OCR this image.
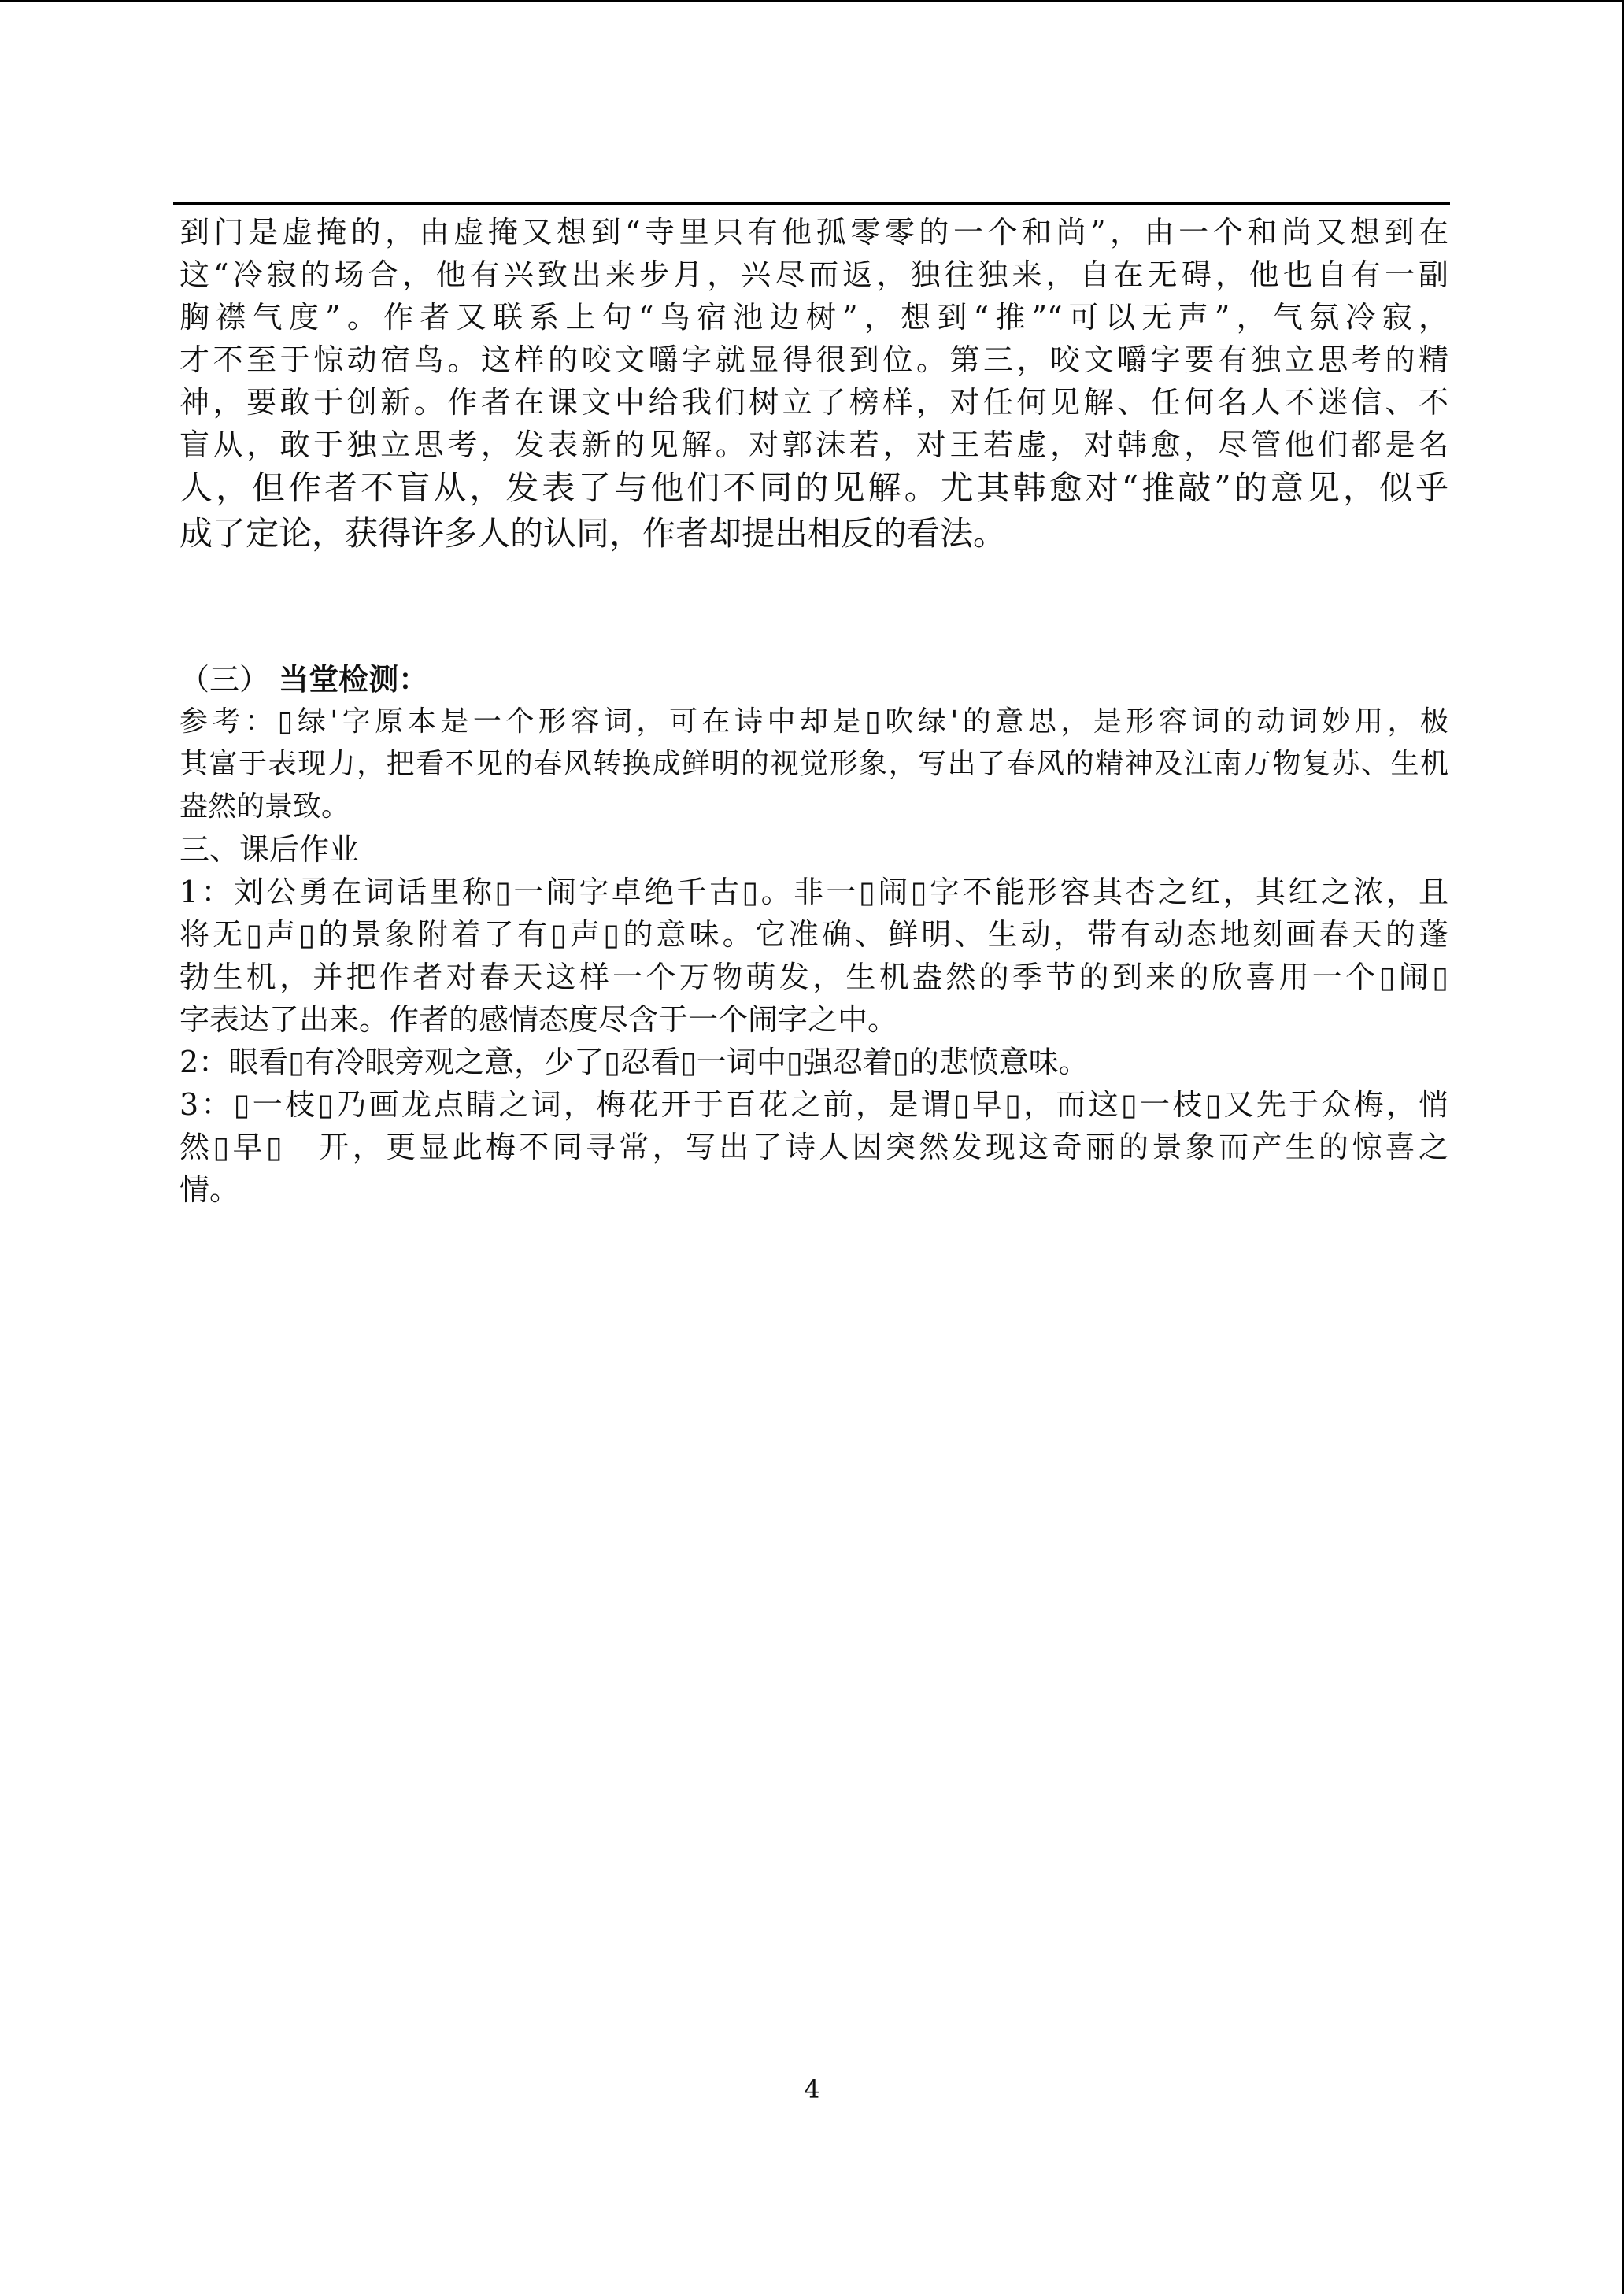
到门是虚掩的，由虚掩又想到“寺里只有他孤零零的一个和尚”，由一个和尚又想到在
这“冷寂的场合，他有兴致出来步月，兴尽而返，独往独来，自在无碍，他也自有一副
胸襟气度”。作者又联系上句“鸟宿池边树”，想到“推”“可以无声”，气氛冷寂，
才不至于惊动宿鸟。这样的咬文嚼字就显得很到位。第三，咬文嚼字要有独立思考的精
神，要敢于创新。作者在课文中给我们树立了榜样，对任何见解、任何名人不迷信、不
盲从，敢于独立思考，发表新的见解。对郭沫若，对王若虚，对韩愈，尽管他们都是名
人，但作者不盲从，发表了与他们不同的见解。尤其韩愈对“推敲”的意见，似乎
成了定论，获得许多人的认同，作者却提出相反的看法。
（三） 当堂检测：
参考：▯绿'字原本是一个形容词，可在诗中却是▯吹绿'的意思，是形容词的动词妙用，极
其富于表现力，把看不见的春风转换成鲜明的视觉形象，写出了春风的精神及江南万物复苏、生机
盎然的景致。
三、课后作业
1：刘公勇在词话里称▯一闹字卓绝千古▯。非一▯闹▯字不能形容其杏之红，其红之浓，且
将无▯声▯的景象附着了有▯声▯的意味。它准确、鲜明、生动，带有动态地刻画春天的蓬
勃生机，并把作者对春天这样一个万物萌发，生机盎然的季节的到来的欣喜用一个▯闹▯
字表达了出来。作者的感情态度尽含于一个闹字之中。
2：眼看▯有冷眼旁观之意，少了▯忍看▯一词中▯强忍着▯的悲愤意味。
3：▯一枝▯乃画龙点睛之词，梅花开于百花之前，是谓▯早▯，而这▯一枝▯又先于众梅，悄
然▯早▯　开，更显此梅不同寻常，写出了诗人因突然发现这奇丽的景象而产生的惊喜之
情。
4
